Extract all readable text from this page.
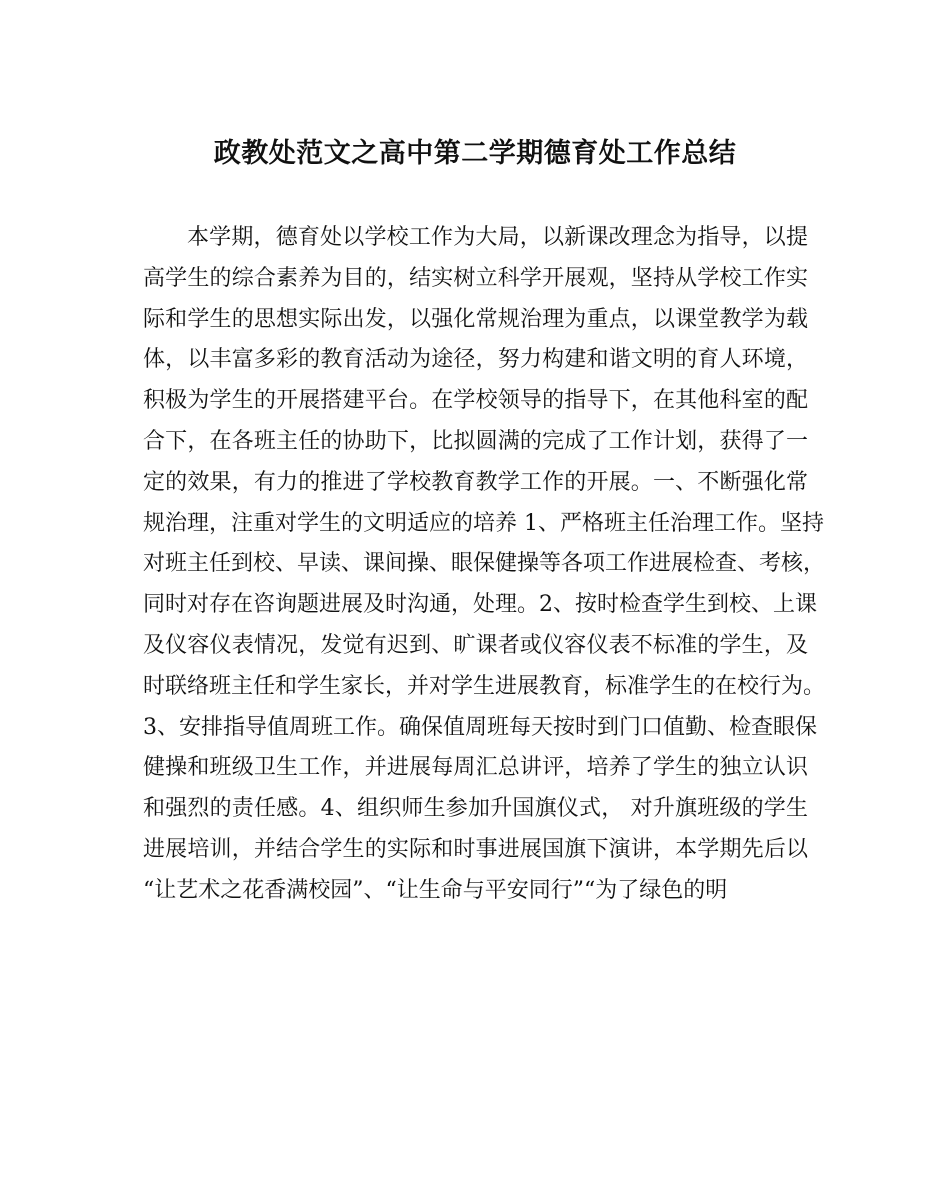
政教处范文之高中第二学期德育处工作总结
本学期，德育处以学校工作为大局，以新课改理念为指导，以提
高学生的综合素养为目的，结实树立科学开展观，坚持从学校工作实
际和学生的思想实际出发，以强化常规治理为重点，以课堂教学为载
体，以丰富多彩的教育活动为途径，努力构建和谐文明的育人环境，
积极为学生的开展搭建平台。在学校领导的指导下，在其他科室的配
合下，在各班主任的协助下，比拟圆满的完成了工作计划，获得了一
定的效果，有力的推进了学校教育教学工作的开展。一、不断强化常
规治理，注重对学生的文明适应的培养 1、严格班主任治理工作。坚持
对班主任到校、早读、课间操、眼保健操等各项工作进展检查、考核，
同时对存在咨询题进展及时沟通，处理。2、按时检查学生到校、上课
及仪容仪表情况，发觉有迟到、旷课者或仪容仪表不标准的学生，及
时联络班主任和学生家长，并对学生进展教育，标准学生的在校行为。
3、安排指导值周班工作。确保值周班每天按时到门口值勤、检查眼保
健操和班级卫生工作，并进展每周汇总讲评，培养了学生的独立认识
和强烈的责任感。4、组织师生参加升国旗仪式， 对升旗班级的学生
进展培训，并结合学生的实际和时事进展国旗下演讲，本学期先后以
“让艺术之花香满校园”、“让生命与平安同行”“为了绿色的明
